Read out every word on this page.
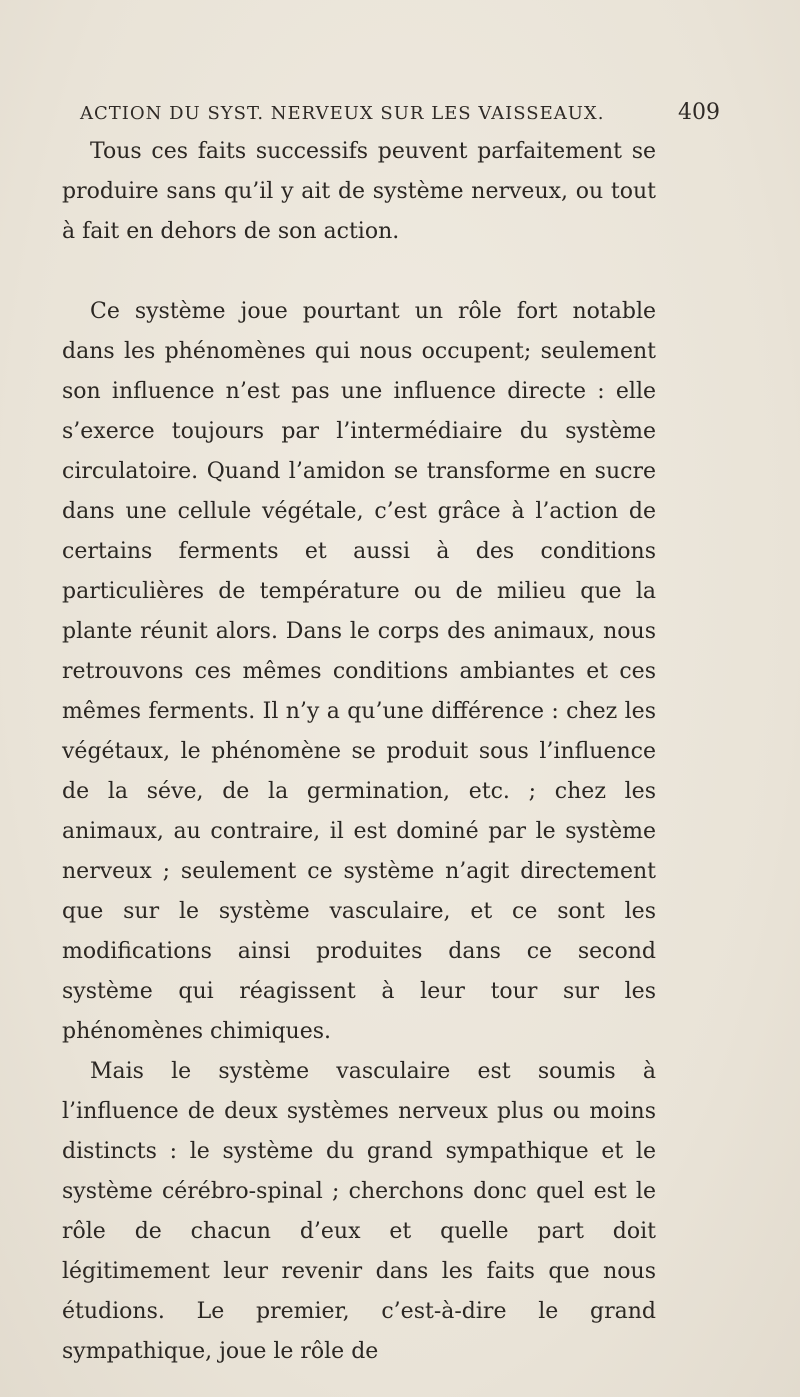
ACTION DU SYST. NERVEUX SUR LES VAISSEAUX.	409

Tous ces faits successifs peuvent parfaitement se produire sans qu’il y ait de système nerveux, ou tout à fait en dehors de son action.

Ce système joue pourtant un rôle fort notable dans les phénomènes qui nous occupent; seulement son influence n’est pas une influence directe : elle s’exerce toujours par l’intermédiaire du système circulatoire. Quand l’amidon se transforme en sucre dans une cellule végétale, c’est grâce à l’action de certains ferments et aussi à des conditions particulières de température ou de milieu que la plante réunit alors. Dans le corps des animaux, nous retrouvons ces mêmes conditions ambiantes et ces mêmes ferments. Il n’y a qu’une différence : chez les végétaux, le phénomène se produit sous l’influence de la séve, de la germination, etc. ; chez les animaux, au contraire, il est dominé par le système nerveux ; seulement ce système n’agit directement que sur le système vasculaire, et ce sont les modifications ainsi produites dans ce second système qui réagissent à leur tour sur les phénomènes chimiques.

Mais le système vasculaire est soumis à l’influence de deux systèmes nerveux plus ou moins distincts : le système du grand sympathique et le système cérébro-spinal ; cherchons donc quel est le rôle de chacun d’eux et quelle part doit légitimement leur revenir dans les faits que nous étudions. Le premier, c’est-à-dire le grand sympathique, joue le rôle de
